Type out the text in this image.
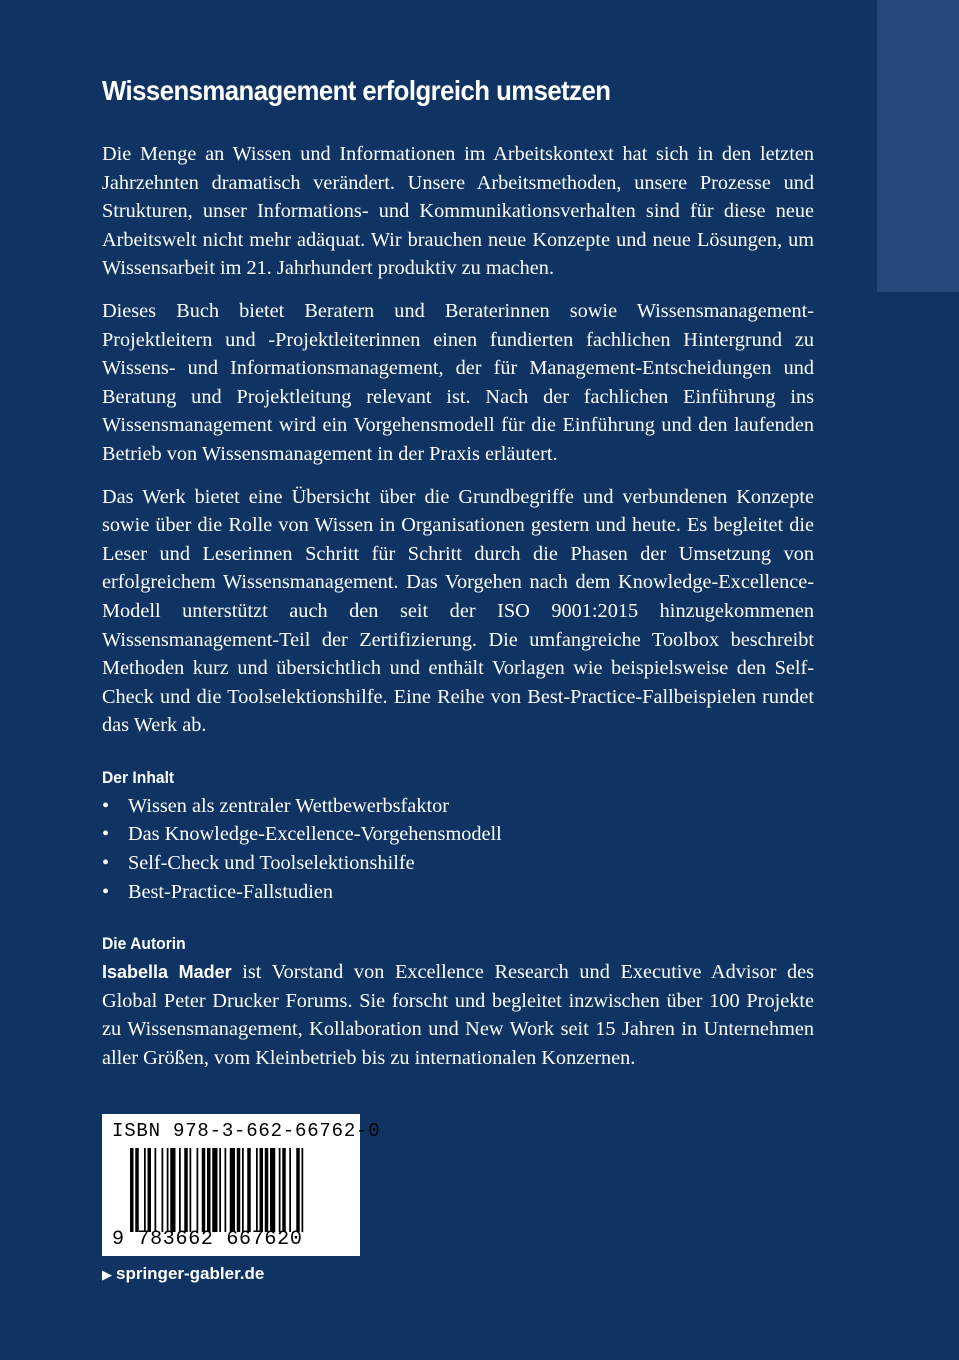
Wissensmanagement erfolgreich umsetzen

Die Menge an Wissen und Informationen im Arbeitskontext hat sich in den letzten Jahrzehnten dramatisch verändert. Unsere Arbeitsmethoden, unsere Prozesse und Strukturen, unser Informations- und Kommunikationsverhalten sind für diese neue Arbeitswelt nicht mehr adäquat. Wir brauchen neue Konzepte und neue Lösungen, um Wissensarbeit im 21. Jahrhundert produktiv zu machen.

Dieses Buch bietet Beratern und Beraterinnen sowie Wissensmanagement-Projektleitern und -Projektleiterinnen einen fundierten fachlichen Hintergrund zu Wissens- und Informationsmanagement, der für Management-Entscheidungen und Beratung und Projektleitung relevant ist. Nach der fachlichen Einführung ins Wissensmanagement wird ein Vorgehensmodell für die Einführung und den laufenden Betrieb von Wissensmanagement in der Praxis erläutert.

Das Werk bietet eine Übersicht über die Grundbegriffe und verbundenen Konzepte sowie über die Rolle von Wissen in Organisationen gestern und heute. Es begleitet die Leser und Leserinnen Schritt für Schritt durch die Phasen der Umsetzung von erfolgreichem Wissensmanagement. Das Vorgehen nach dem Knowledge-Excellence-Modell unterstützt auch den seit der ISO 9001:2015 hinzugekommenen Wissensmanagement-Teil der Zertifizierung. Die umfangreiche Toolbox beschreibt Methoden kurz und übersichtlich und enthält Vorlagen wie beispielsweise den Self-Check und die Toolselektionshilfe. Eine Reihe von Best-Practice-Fallbeispielen rundet das Werk ab.

Der Inhalt
• Wissen als zentraler Wettbewerbsfaktor
• Das Knowledge-Excellence-Vorgehensmodell
• Self-Check und Toolselektionshilfe
• Best-Practice-Fallstudien
Die Autorin

Isabella Mader ist Vorstand von Excellence Research und Executive Advisor des Global Peter Drucker Forums. Sie forscht und begleitet inzwischen über 100 Projekte zu Wissensmanagement, Kollaboration und New Work seit 15 Jahren in Unternehmen aller Größen, vom Kleinbetrieb bis zu internationalen Konzernen.

ISBN 978-3-662-66762-0
9 783662 667620
▶ springer-gabler.de
